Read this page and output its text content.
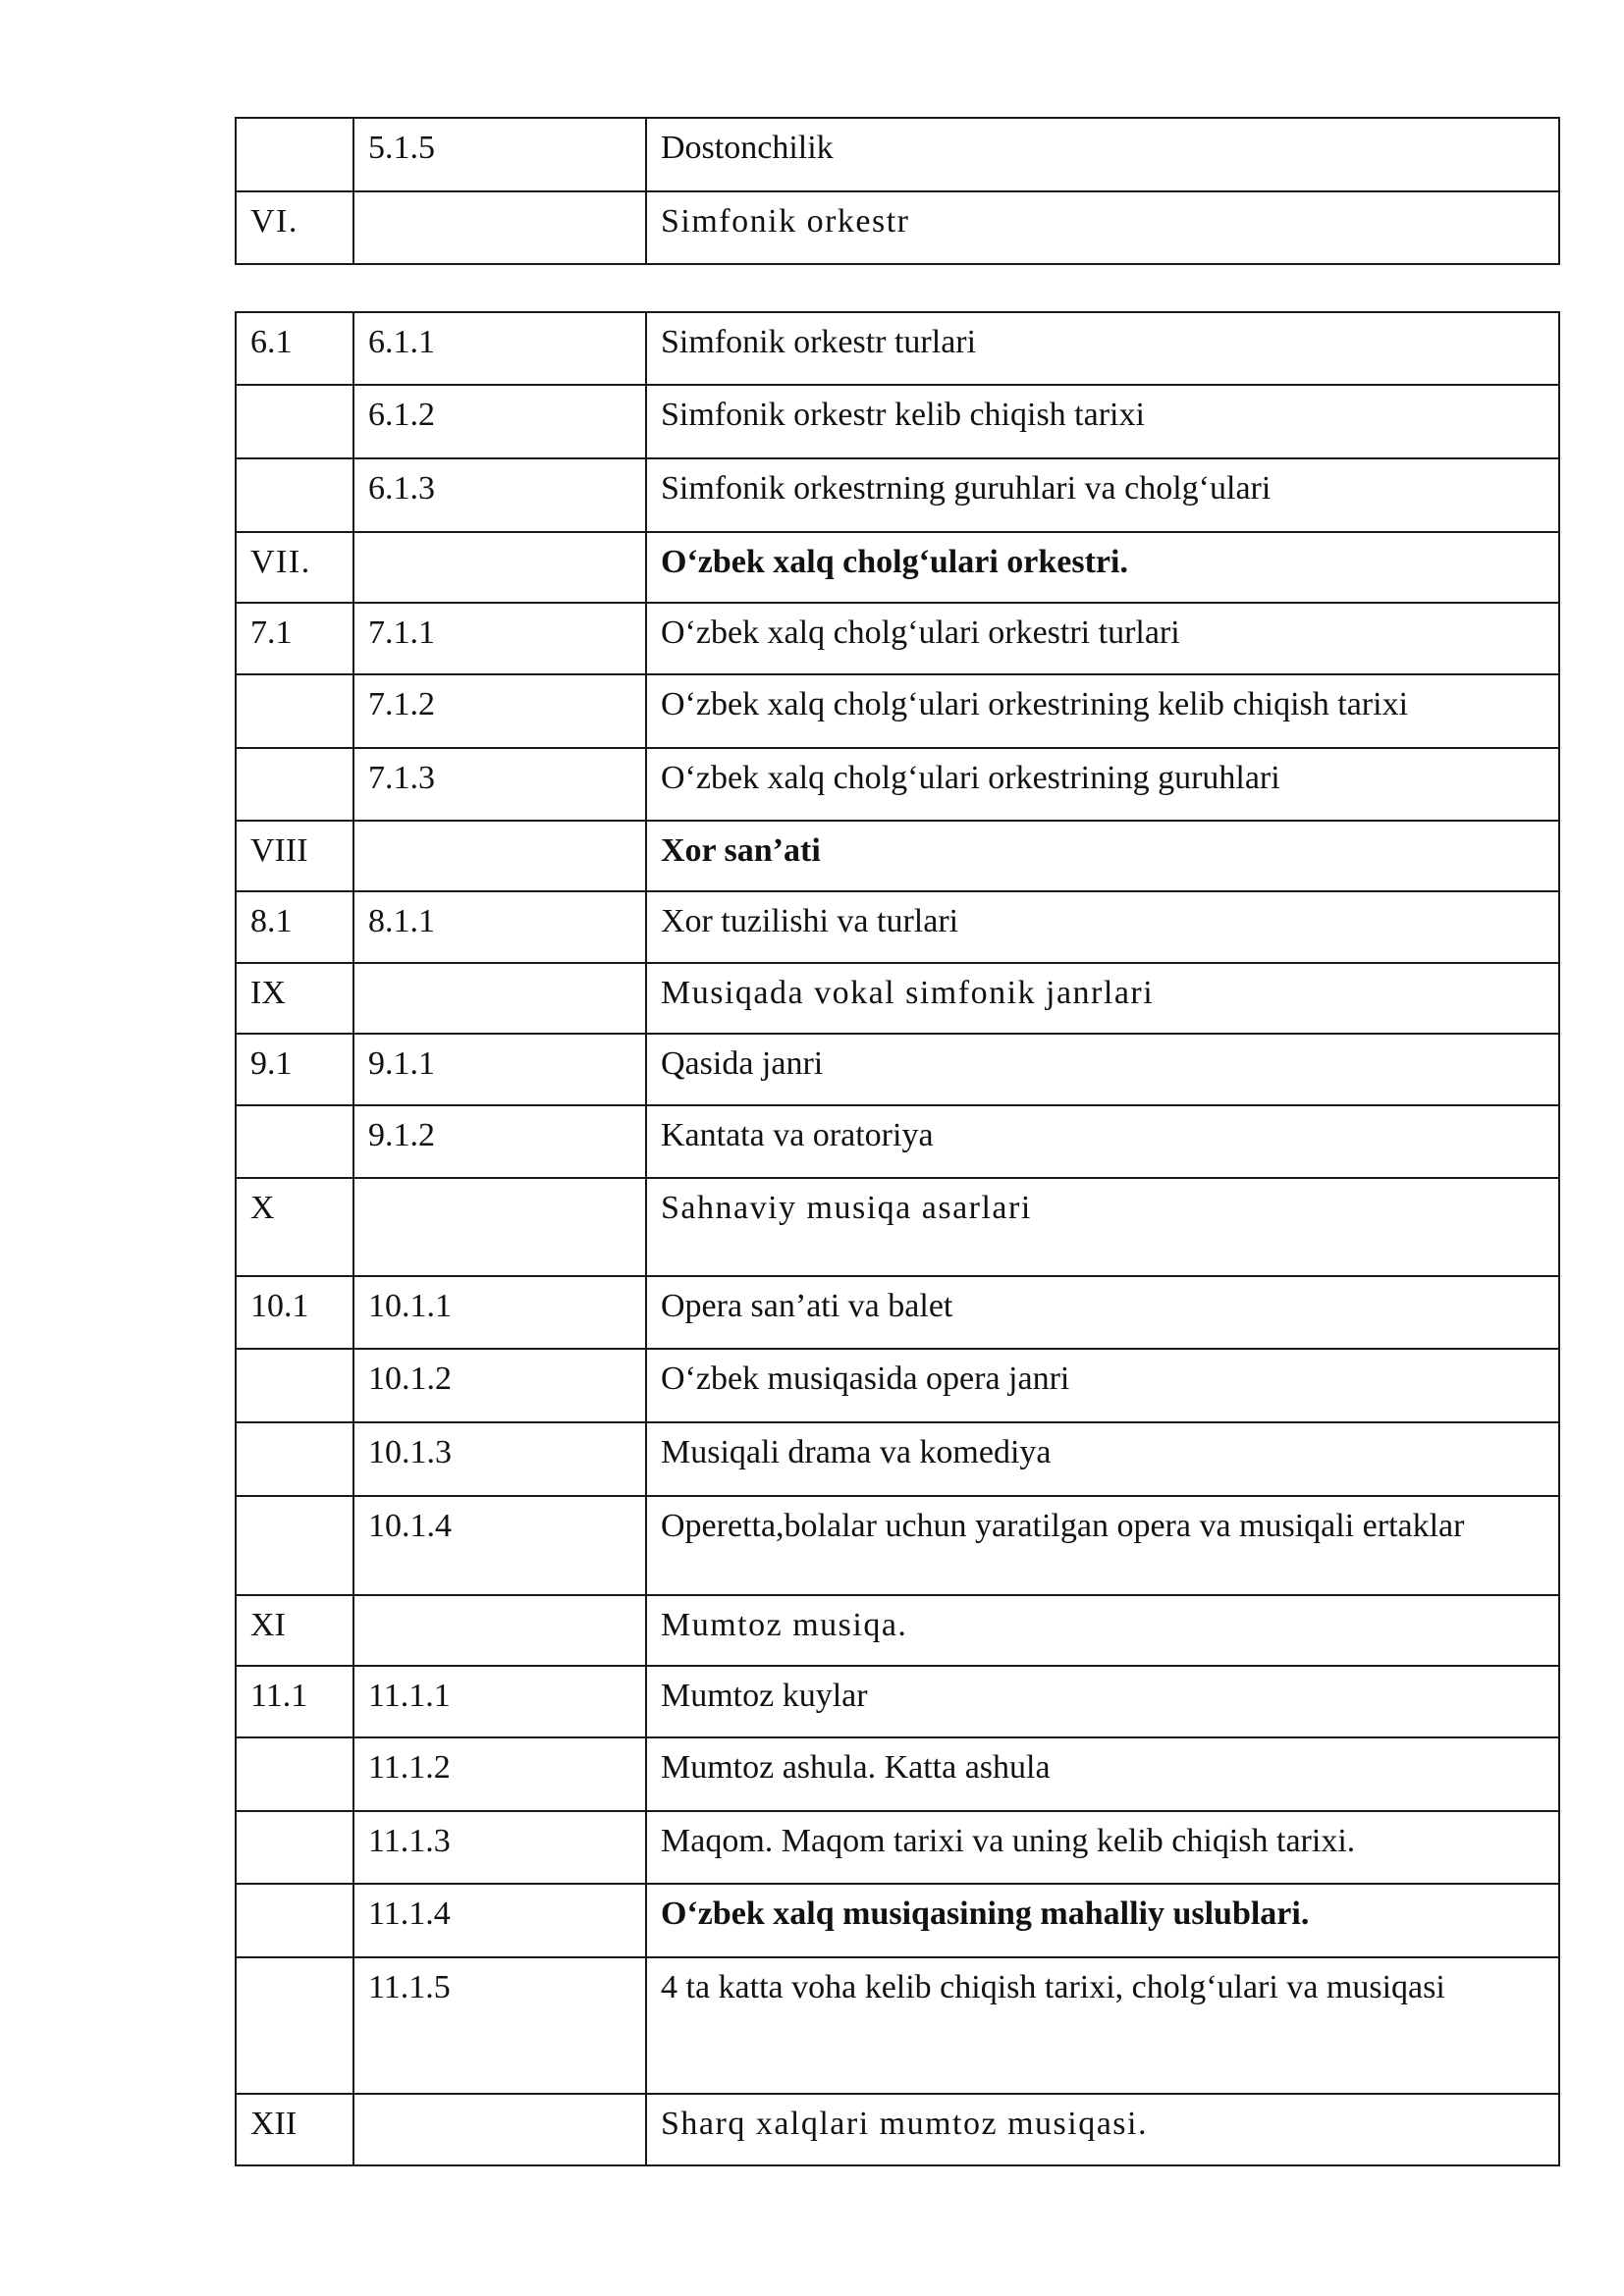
	5.1.5	Dostonchilik
VI.		Simfonik orkestr
6.1	6.1.1	Simfonik orkestr turlari
	6.1.2	Simfonik orkestr kelib chiqish tarixi
	6.1.3	Simfonik orkestrning guruhlari va cholg‘ulari
VII.		O‘zbek xalq cholg‘ulari orkestri.
7.1	7.1.1	O‘zbek xalq cholg‘ulari orkestri turlari
	7.1.2	O‘zbek xalq cholg‘ulari orkestrining kelib chiqish tarixi
	7.1.3	O‘zbek xalq cholg‘ulari orkestrining guruhlari
VIII		Xor san’ati
8.1	8.1.1	Xor tuzilishi va turlari
IX		Musiqada vokal simfonik janrlari
9.1	9.1.1	Qasida janri
	9.1.2	Kantata va oratoriya
X		Sahnaviy musiqa asarlari
10.1	10.1.1	Opera san’ati va balet
	10.1.2	O‘zbek musiqasida opera janri
	10.1.3	Musiqali drama va komediya
	10.1.4	Operetta,bolalar uchun yaratilgan opera va musiqali ertaklar
XI		Mumtoz musiqa.
11.1	11.1.1	Mumtoz kuylar
	11.1.2	Mumtoz ashula. Katta ashula
	11.1.3	Maqom. Maqom tarixi va uning kelib chiqish tarixi.
	11.1.4	O‘zbek xalq musiqasining mahalliy uslublari.
	11.1.5	4 ta katta voha kelib chiqish tarixi, cholg‘ulari va musiqasi
XII		Sharq xalqlari mumtoz musiqasi.
